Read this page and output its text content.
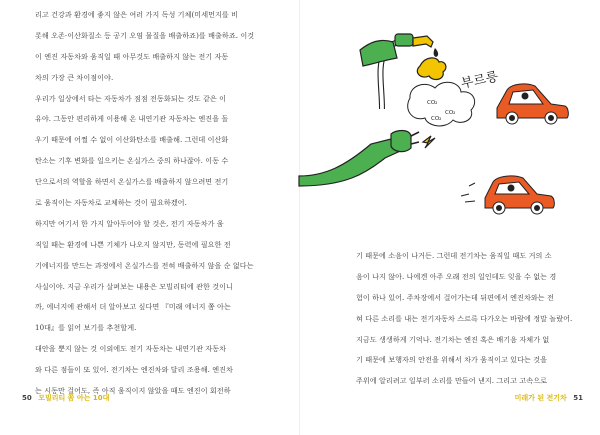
리고 건강과 환경에 좋지 않은 여러 가지 독성 기체(미세먼지를 비
롯해 오존·이산화질소 등 공기 오염 물질을 배출하죠)를 배출하죠. 이것
이 엔진 자동차와 움직일 때 아무것도 배출하지 않는 전기 자동
차의 가장 큰 차이점이야.
우리가 일상에서 타는 자동차가 점점 전동화되는 것도 같은 이
유야. 그동안 편리하게 이용해 온 내연기관 자동차는 엔진을 돌
우기 때문에 어쩔 수 없이 이산화탄소를 배출해. 그런데 이산화
탄소는 기후 변화를 일으키는 온실가스 중의 하나잖아. 이동 수
단으로서의 역할을 하면서 온실가스를 배출하지 않으려면 전기
로 움직이는 자동차로 교체하는 것이 필요하겠어.
하지만 여기서 한 가지 알아두어야 할 것은, 전기 자동차가 움
직일 때는 환경에 나쁜 기체가 나오지 않지만, 동력에 필요한 전
기에너지를 만드는 과정에서 온실가스를 전혀 배출하지 않을 순 없다는
사실이야. 지금 우리가 살펴보는 내용은 모빌리티에 관한 것이니
까, 에너지에 관해서 더 알아보고 싶다면 『미래 에너지 쫌 아는
10대』를 읽어 보기를 추천할게.
대안을 뿐지 않는 것 이외에도 전기 자동차는 내연기관 자동차
와 다른 점들이 또 있어. 전기차는 엔진차와 달리 조용해. 엔진차
는 시동만 걸어도, 즉 아직 움직이지 않았을 때도 엔진이 회전하
50 모빌리티 쫌 아는 10대
기 때문에 소음이 나거든. 그런데 전기차는 움직일 때도 거의 소
음이 나지 않아. 나에겐 아주 오래 전의 일인데도 잊을 수 없는 경
험이 하나 있어. 주차장에서 걸어가는데 뒤편에서 엔진차와는 전
혀 다른 소리를 내는 전기자동차 스르륵 다가오는 바람에 정말 놀랐어.
지금도 생생하게 기억나. 전기차는 엔진 혹은 배기음 자체가 없
기 때문에 보행자의 안전을 위해서 차가 움직이고 있다는 것을
주위에 알리려고 일부러 소리를 만들어 낸지. 그리고 고속으로
미래가 된 전기차 51
CO₂
CO₂
CO₂
부르릉
